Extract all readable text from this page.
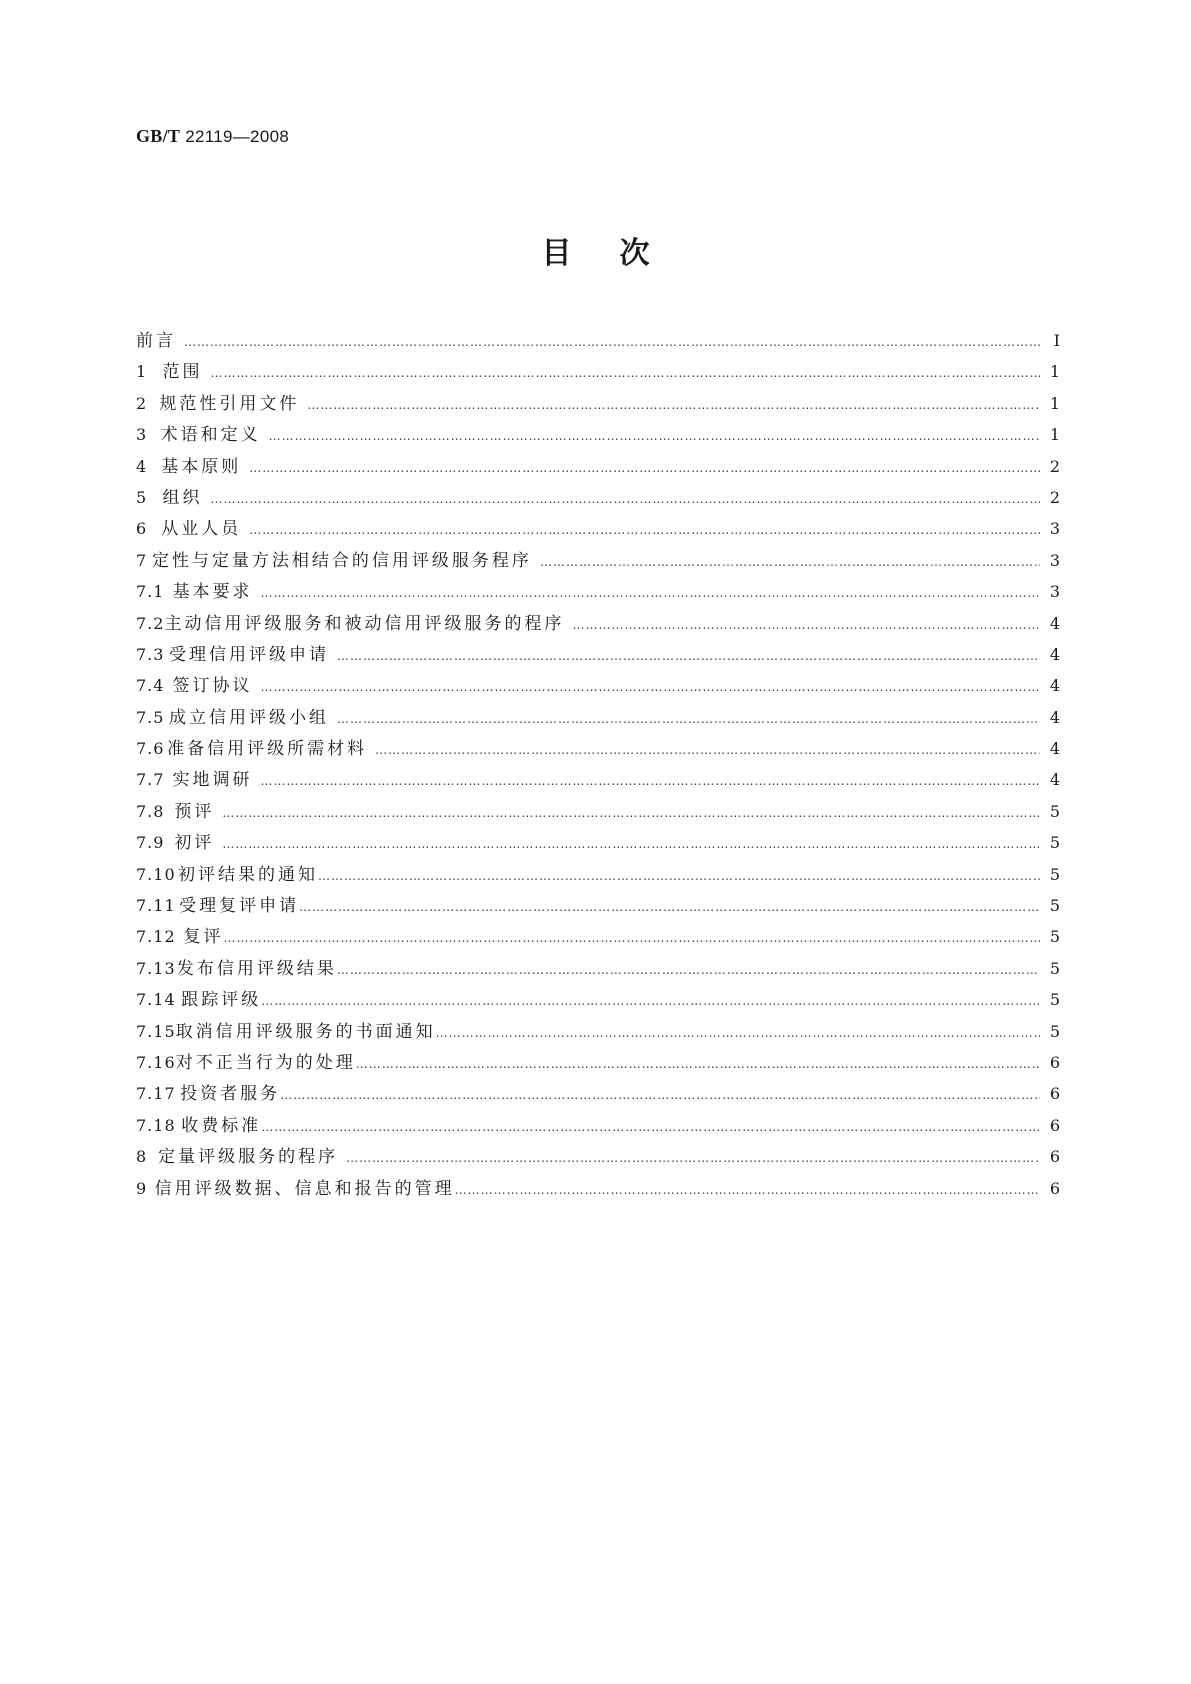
GB/T 22119—2008
目次
前言 …………………………………………………………………………………………………………………………………………………………………………………………………………………………	Ⅰ
1 范围 …………………………………………………………………………………………………………………………………………………………………………………………………………………………	1
2 规范性引用文件 …………………………………………………………………………………………………………………………………………………………………………………………………………………………	1
3 术语和定义 …………………………………………………………………………………………………………………………………………………………………………………………………………………………	1
4 基本原则 …………………………………………………………………………………………………………………………………………………………………………………………………………………………	2
5 组织 …………………………………………………………………………………………………………………………………………………………………………………………………………………………	2
6 从业人员 …………………………………………………………………………………………………………………………………………………………………………………………………………………………	3
7 定性与定量方法相结合的信用评级服务程序 …………………………………………………………………………………………………………………………………………………………………………………………………………………………	3
7.1 基本要求 …………………………………………………………………………………………………………………………………………………………………………………………………………………………	3
7.2 主动信用评级服务和被动信用评级服务的程序 …………………………………………………………………………………………………………………………………………………………………………………………………………………………	4
7.3 受理信用评级申请 …………………………………………………………………………………………………………………………………………………………………………………………………………………………	4
7.4 签订协议 …………………………………………………………………………………………………………………………………………………………………………………………………………………………	4
7.5 成立信用评级小组 …………………………………………………………………………………………………………………………………………………………………………………………………………………………	4
7.6 准备信用评级所需材料 …………………………………………………………………………………………………………………………………………………………………………………………………………………………	4
7.7 实地调研 …………………………………………………………………………………………………………………………………………………………………………………………………………………………	4
7.8 预评 …………………………………………………………………………………………………………………………………………………………………………………………………………………………	5
7.9 初评 …………………………………………………………………………………………………………………………………………………………………………………………………………………………	5
7.10 初评结果的通知 …………………………………………………………………………………………………………………………………………………………………………………………………………………………	5
7.11 受理复评申请 …………………………………………………………………………………………………………………………………………………………………………………………………………………………	5
7.12 复评 …………………………………………………………………………………………………………………………………………………………………………………………………………………………	5
7.13 发布信用评级结果 …………………………………………………………………………………………………………………………………………………………………………………………………………………………	5
7.14 跟踪评级 …………………………………………………………………………………………………………………………………………………………………………………………………………………………	5
7.15 取消信用评级服务的书面通知 …………………………………………………………………………………………………………………………………………………………………………………………………………………………	5
7.16 对不正当行为的处理 …………………………………………………………………………………………………………………………………………………………………………………………………………………………	6
7.17 投资者服务 …………………………………………………………………………………………………………………………………………………………………………………………………………………………	6
7.18 收费标准 …………………………………………………………………………………………………………………………………………………………………………………………………………………………	6
8 定量评级服务的程序 …………………………………………………………………………………………………………………………………………………………………………………………………………………………	6
9 信用评级数据、信息和报告的管理 …………………………………………………………………………………………………………………………………………………………………………………………………………………………	6
